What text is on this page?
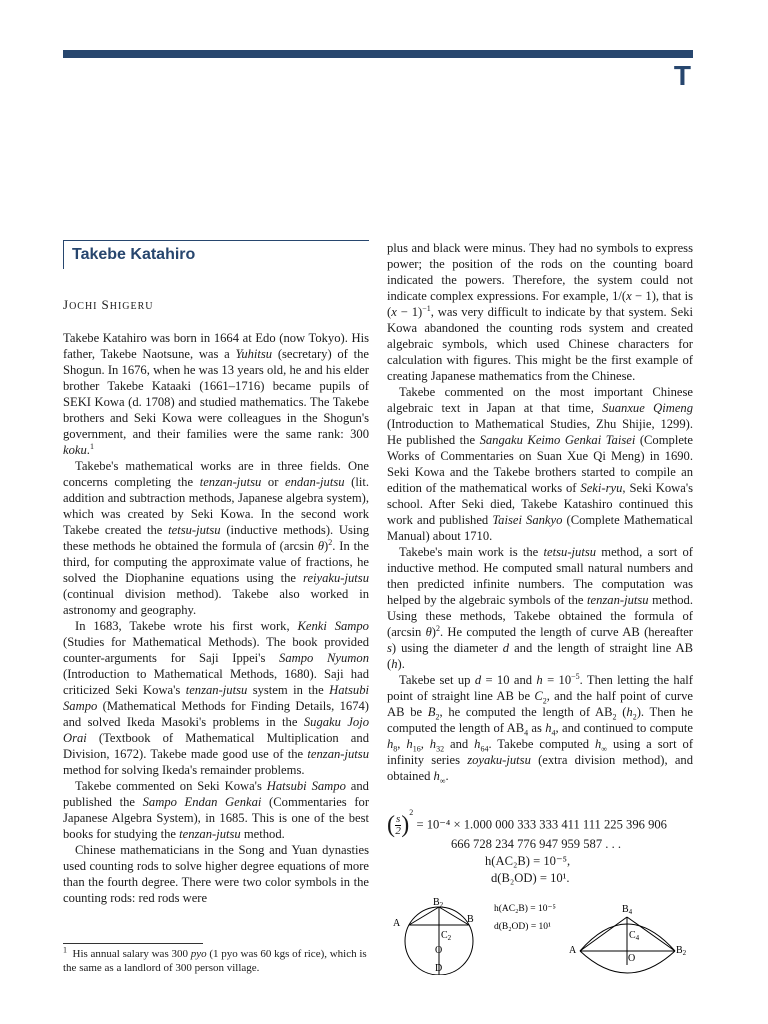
T
Takebe Katahiro
JOCHI SHIGERU

Takebe Katahiro was born in 1664 at Edo (now Tokyo). His father, Takebe Naotsune, was a Yuhitsu (secretary) of the Shogun. In 1676, when he was 13 years old, he and his elder brother Takebe Kataaki (1661–1716) became pupils of SEKI Kowa (d. 1708) and studied mathematics. The Takebe brothers and Seki Kowa were colleagues in the Shogun's government, and their families were the same rank: 300 koku.$^1$

Takebe's mathematical works are in three fields. One concerns completing the tenzan-jutsu or endan-jutsu (lit. addition and subtraction methods, Japanese algebra system), which was created by Seki Kowa. In the second work Takebe created the tetsu-jutsu (inductive methods). Using these methods he obtained the formula of (arcsin θ)$^2$. In the third, for computing the approximate value of fractions, he solved the Diophanine equations using the reiyaku-jutsu (continual division method). Takebe also worked in astronomy and geography.

In 1683, Takebe wrote his first work, Kenki Sampo (Studies for Mathematical Methods). The book provided counter-arguments for Saji Ippei's Sampo Nyumon (Introduction to Mathematical Methods, 1680). Saji had criticized Seki Kowa's tenzan-jutsu system in the Hatsubi Sampo (Mathematical Methods for Finding Details, 1674) and solved Ikeda Masoki's problems in the Sugaku Jojo Orai (Textbook of Mathematical Multiplication and Division, 1672). Takebe made good use of the tenzan-jutsu method for solving Ikeda's remainder problems.

Takebe commented on Seki Kowa's Hatsubi Sampo and published the Sampo Endan Genkai (Commentaries for Japanese Algebra System), in 1685. This is one of the best books for studying the tenzan-jutsu method.

Chinese mathematicians in the Song and Yuan dynasties used counting rods to solve higher degree equations of more than the fourth degree. There were two color symbols in the counting rods: red rods were

$^1$  His annual salary was 300 pyo (1 pyo was 60 kgs of rice), which is the same as a landlord of 300 person village.

plus and black were minus. They had no symbols to express power; the position of the rods on the counting board indicated the powers. Therefore, the system could not indicate complex expressions. For example, 1/(x − 1), that is $(x - 1)^{-1}$, was very difficult to indicate by that system. Seki Kowa abandoned the counting rods system and created algebraic symbols, which used Chinese characters for calculation with figures. This might be the first example of creating Japanese mathematics from the Chinese.

Takebe commented on the most important Chinese algebraic text in Japan at that time, Suanxue Qimeng (Introduction to Mathematical Studies, Zhu Shijie, 1299). He published the Sangaku Keimo Genkai Taisei (Complete Works of Commentaries on Suan Xue Qi Meng) in 1690. Seki Kowa and the Takebe brothers started to compile an edition of the mathematical works of Seki-ryu, Seki Kowa's school. After Seki died, Takebe Katashiro continued this work and published Taisei Sankyo (Complete Mathematical Manual) about 1710.

Takebe's main work is the tetsu-jutsu method, a sort of inductive method. He computed small natural numbers and then predicted infinite numbers. The computation was helped by the algebraic symbols of the tenzan-jutsu method. Using these methods, Takebe obtained the formula of (arcsin θ)$^2$. He computed the length of curve AB (hereafter s) using the diameter d and the length of straight line AB (h).

Takebe set up d = 10 and $h = 10^{-5}$. Then letting the half point of straight line AB be $C_2$, and the half point of curve AB be $B_2$, he computed the length of $AB_2$ $(h_2)$. Then he computed the length of $AB_4$ as $h_4$, and continued to compute $h_8$, $h_{16}$, $h_{32}$ and $h_{64}$. Takebe computed $h_\infty$ using a sort of infinity series zoyaku-jutsu (extra division method), and obtained $h_\infty$.

( $\frac{s}{2} )^2 = 10^{-4} \times 1.000$ 000 333 333 411 111 225 396 906
666 728 234 776 947 959 587 . . .
h(AC₂B) = 10⁻⁵,
d(B₂OD) = 10¹.
$B_2$
A	B
$C_2$
O
D
h(AC₂B) = 10⁻⁵
d(B₂OD) = 10¹
$B_4$
$C_4$
A	$B_2$
O
